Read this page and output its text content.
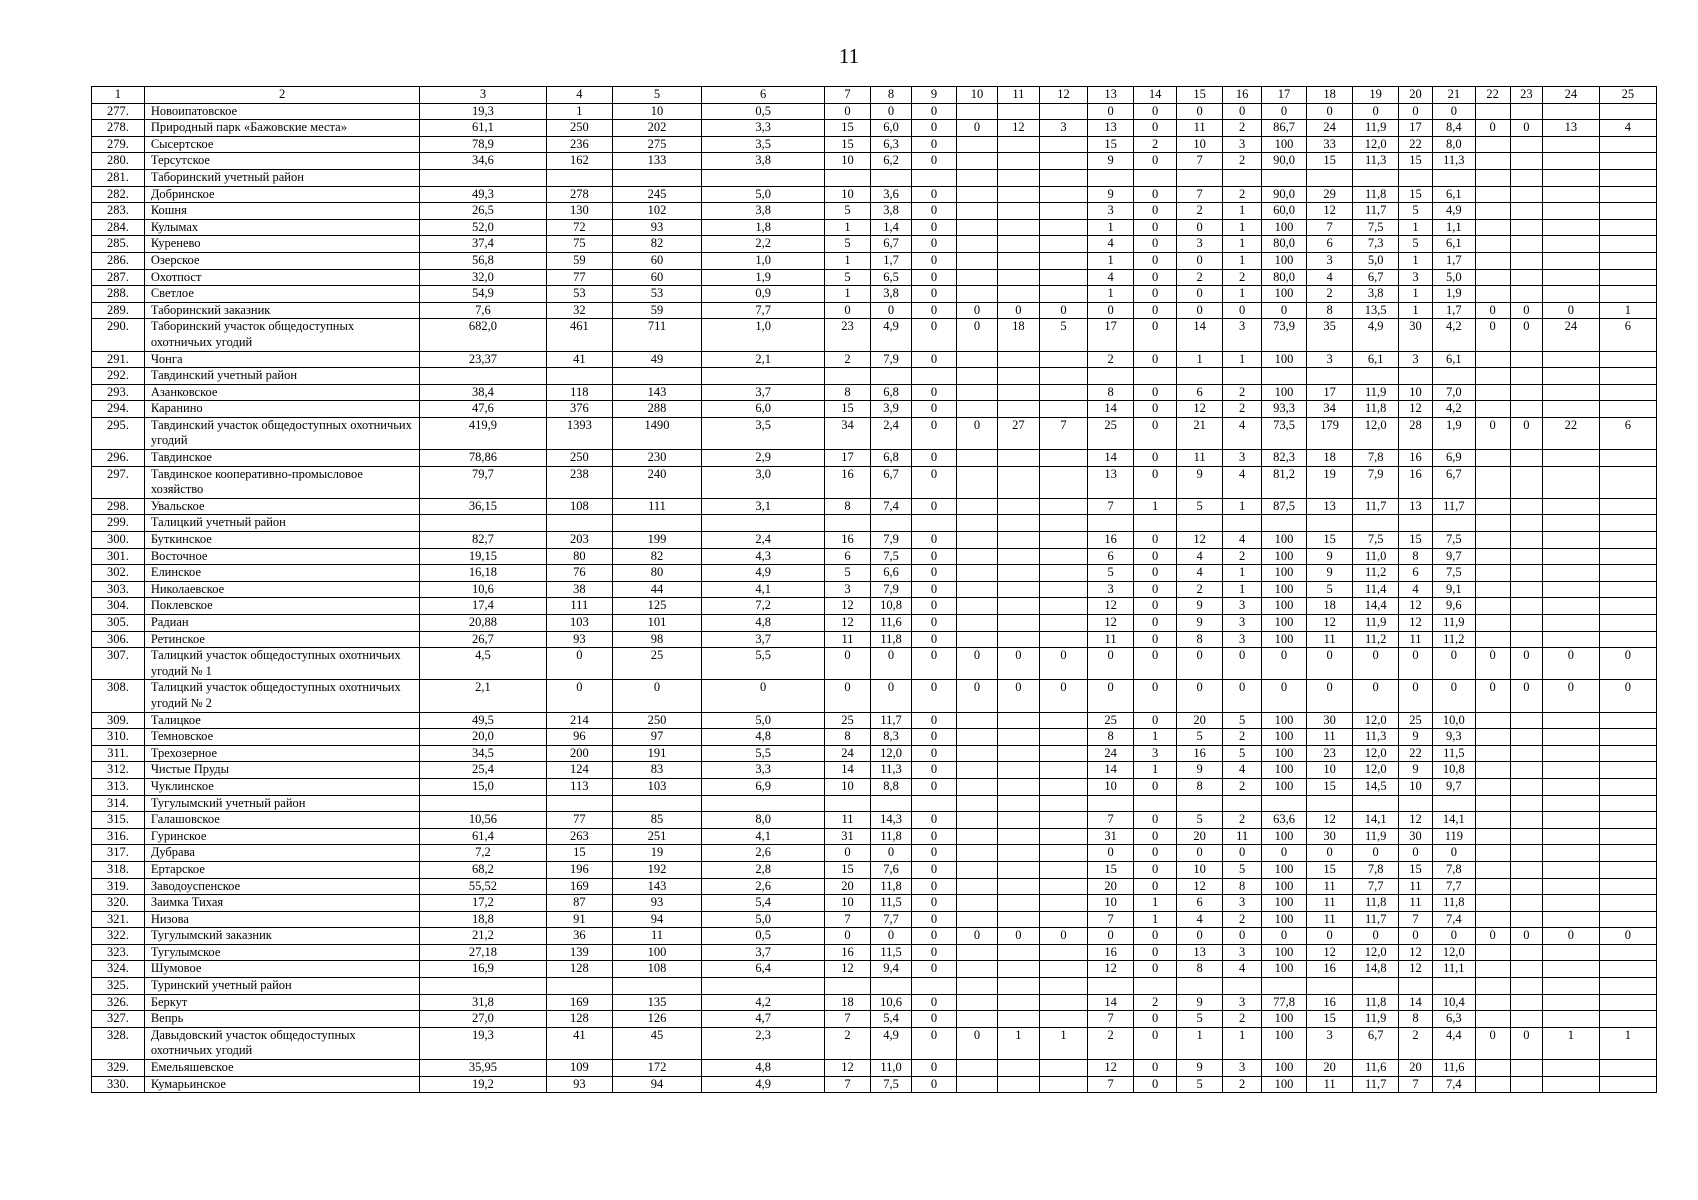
11
1	2	3	4	5	6	7	8	9	10	11	12	13	14	15	16	17	18	19	20	21	22	23	24	25
277.	Новоипатовское	19,3	1	10	0,5	0	0	0				0	0	0	0	0	0	0	0	0				
278.	Природный парк «Бажовские места»	61,1	250	202	3,3	15	6,0	0	0	12	3	13	0	11	2	86,7	24	11,9	17	8,4	0	0	13	4
279.	Сысертское	78,9	236	275	3,5	15	6,3	0				15	2	10	3	100	33	12,0	22	8,0				
280.	Терсутское	34,6	162	133	3,8	10	6,2	0				9	0	7	2	90,0	15	11,3	15	11,3				
281.	Таборинский учетный район																							
282.	Добринское	49,3	278	245	5,0	10	3,6	0				9	0	7	2	90,0	29	11,8	15	6,1				
283.	Кошня	26,5	130	102	3,8	5	3,8	0				3	0	2	1	60,0	12	11,7	5	4,9				
284.	Кулымах	52,0	72	93	1,8	1	1,4	0				1	0	0	1	100	7	7,5	1	1,1				
285.	Куренево	37,4	75	82	2,2	5	6,7	0				4	0	3	1	80,0	6	7,3	5	6,1				
286.	Озерское	56,8	59	60	1,0	1	1,7	0				1	0	0	1	100	3	5,0	1	1,7				
287.	Охотпост	32,0	77	60	1,9	5	6,5	0				4	0	2	2	80,0	4	6,7	3	5,0				
288.	Светлое	54,9	53	53	0,9	1	3,8	0				1	0	0	1	100	2	3,8	1	1,9				
289.	Таборинский заказник	7,6	32	59	7,7	0	0	0	0	0	0	0	0	0	0	0	8	13,5	1	1,7	0	0	0	1
290.	Таборинский участок общедоступных охотничьих угодий	682,0	461	711	1,0	23	4,9	0	0	18	5	17	0	14	3	73,9	35	4,9	30	4,2	0	0	24	6
291.	Чонга	23,37	41	49	2,1	2	7,9	0				2	0	1	1	100	3	6,1	3	6,1				
292.	Тавдинский учетный район																							
293.	Азанковское	38,4	118	143	3,7	8	6,8	0				8	0	6	2	100	17	11,9	10	7,0				
294.	Каранино	47,6	376	288	6,0	15	3,9	0				14	0	12	2	93,3	34	11,8	12	4,2				
295.	Тавдинский участок общедоступных охотничьих угодий	419,9	1393	1490	3,5	34	2,4	0	0	27	7	25	0	21	4	73,5	179	12,0	28	1,9	0	0	22	6
296.	Тавдинское	78,86	250	230	2,9	17	6,8	0				14	0	11	3	82,3	18	7,8	16	6,9				
297.	Тавдинское кооперативно-промысловое хозяйство	79,7	238	240	3,0	16	6,7	0				13	0	9	4	81,2	19	7,9	16	6,7				
298.	Увальское	36,15	108	111	3,1	8	7,4	0				7	1	5	1	87,5	13	11,7	13	11,7				
299.	Талицкий учетный район																							
300.	Буткинское	82,7	203	199	2,4	16	7,9	0				16	0	12	4	100	15	7,5	15	7,5				
301.	Восточное	19,15	80	82	4,3	6	7,5	0				6	0	4	2	100	9	11,0	8	9,7				
302.	Елинское	16,18	76	80	4,9	5	6,6	0				5	0	4	1	100	9	11,2	6	7,5				
303.	Николаевское	10,6	38	44	4,1	3	7,9	0				3	0	2	1	100	5	11,4	4	9,1				
304.	Поклевское	17,4	111	125	7,2	12	10,8	0				12	0	9	3	100	18	14,4	12	9,6				
305.	Радиан	20,88	103	101	4,8	12	11,6	0				12	0	9	3	100	12	11,9	12	11,9				
306.	Ретинское	26,7	93	98	3,7	11	11,8	0				11	0	8	3	100	11	11,2	11	11,2				
307.	Талицкий участок общедоступных охотничьих угодий № 1	4,5	0	25	5,5	0	0	0	0	0	0	0	0	0	0	0	0	0	0	0	0	0	0	0
308.	Талицкий участок общедоступных охотничьих угодий № 2	2,1	0	0	0	0	0	0	0	0	0	0	0	0	0	0	0	0	0	0	0	0	0	0
309.	Талицкое	49,5	214	250	5,0	25	11,7	0				25	0	20	5	100	30	12,0	25	10,0				
310.	Темновское	20,0	96	97	4,8	8	8,3	0				8	1	5	2	100	11	11,3	9	9,3				
311.	Трехозерное	34,5	200	191	5,5	24	12,0	0				24	3	16	5	100	23	12,0	22	11,5				
312.	Чистые Пруды	25,4	124	83	3,3	14	11,3	0				14	1	9	4	100	10	12,0	9	10,8				
313.	Чуклинское	15,0	113	103	6,9	10	8,8	0				10	0	8	2	100	15	14,5	10	9,7				
314.	Тугулымский учетный район																							
315.	Галашовское	10,56	77	85	8,0	11	14,3	0				7	0	5	2	63,6	12	14,1	12	14,1				
316.	Гуринское	61,4	263	251	4,1	31	11,8	0				31	0	20	11	100	30	11,9	30	119				
317.	Дубрава	7,2	15	19	2,6	0	0	0				0	0	0	0	0	0	0	0	0				
318.	Ертарское	68,2	196	192	2,8	15	7,6	0				15	0	10	5	100	15	7,8	15	7,8				
319.	Заводоуспенское	55,52	169	143	2,6	20	11,8	0				20	0	12	8	100	11	7,7	11	7,7				
320.	Заимка Тихая	17,2	87	93	5,4	10	11,5	0				10	1	6	3	100	11	11,8	11	11,8				
321.	Низова	18,8	91	94	5,0	7	7,7	0				7	1	4	2	100	11	11,7	7	7,4				
322.	Тугулымский заказник	21,2	36	11	0,5	0	0	0	0	0	0	0	0	0	0	0	0	0	0	0	0	0	0	0
323.	Тугулымское	27,18	139	100	3,7	16	11,5	0				16	0	13	3	100	12	12,0	12	12,0				
324.	Шумовое	16,9	128	108	6,4	12	9,4	0				12	0	8	4	100	16	14,8	12	11,1				
325.	Туринский учетный район																							
326.	Беркут	31,8	169	135	4,2	18	10,6	0				14	2	9	3	77,8	16	11,8	14	10,4				
327.	Вепрь	27,0	128	126	4,7	7	5,4	0				7	0	5	2	100	15	11,9	8	6,3				
328.	Давыдовский участок общедоступных охотничьих угодий	19,3	41	45	2,3	2	4,9	0	0	1	1	2	0	1	1	100	3	6,7	2	4,4	0	0	1	1
329.	Емельяшевское	35,95	109	172	4,8	12	11,0	0				12	0	9	3	100	20	11,6	20	11,6				
330.	Кумарьинское	19,2	93	94	4,9	7	7,5	0				7	0	5	2	100	11	11,7	7	7,4				
